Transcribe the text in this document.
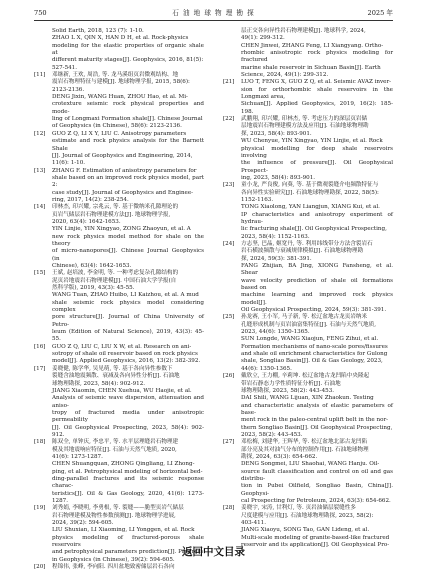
750	石 油 地 球 物 理 勘 探	2025 年

Solid Earth, 2018, 123 (7): 1-10.

ZHAO L X, QIN X, HAN D H, et al. Rock-physics

modeling for the elastic properties of organic shale at

different maturity stages[J]. Geophysics, 2016, 81(5):

527-541.

[11] 邓继新, 王欢, 周浩, 等. 龙马溪组页岩微观结构、地

震岩石物理特征与建模[J]. 地球物理学报, 2015, 58(6):

2123-2136.

DENG Jixin, WANG Huan, ZHOU Hao, et al. Mi-

crotexture seismic rock physical properties and mode-

ling of Longmaxi Formation shale[J]. Chinese Journal

of Geophysics (in Chinese), 58(6): 2123-2136.

[12] GUO Z Q, LI X Y, LIU C. Anisotropy parameters

estimate and rock physics analysis for the Barnett Shale

[J]. Journal of Geophysics and Engineering, 2014,

11(6): 1-10.

[13] ZHANG F. Estimation of anisotropy parameters for

shale based on an improved rock physics model, part 2:

case study[J]. Journal of Geophysics and Enginee-

ring, 2017, 14(2): 238-254.

[14] 印林杰, 印兴耀, 宗兆云, 等. 基于微纳米孔隙理论的

页岩气储层岩石物理建模方法[J]. 地球物理学报,

2020, 63(4): 1642-1653.

YIN Linjie, YIN Xingyao, ZONG Zhaoyun, et al. A

new rock physics model method for shale on the theory

of micro-nanopores[J]. Chinese Journal Geophysics (in

Chinese), 63(4): 1642-1653.

[15] 王斌, 赵培波, 李金明, 等. 一种考虑复杂孔隙结构的

泥页岩地震岩石物理建模[J]. 中国石油大学学报(自

然科学版), 2019, 43(3): 45-55.

WANG Tuan, ZHAO Huibo, LI Kaizhou, et al. A mud

shale seismic rock physics model considering complex

pore structure[J]. Journal of China University of Petro-

leum (Edition of Natural Science), 2019, 43(3): 45-55.

[16] GUO Z Q, LIU C, LIU X W, et al. Research on ani-

sotropy of shale oil reservoir based on rock physics

model[J]. Applied Geophysics, 2016, 13(2): 382-392.

[17] 姜晓健, 陈学华, 吴见萌, 等. 基于各向异性参数下

裂缝含油地震频散、衰减及各向异性分析[J]. 石油地

球物理勘探, 2023, 58(4): 902-912.

JIANG Xiaomin, CHEN Xuehua, WU Haojie, et al.

Analysis of seismic wave dispersion, attenuation and aniso-

tropy of fractured media under anisotropic permeability

[J]. Oil Geophysical Prospecting, 2023, 58(4): 902-912.

[18] 陈双全, 单钟庆, 李忠平, 等. 水平层理缝岩石物理建

模及其地震响应特征[J]. 石油与天然气地质, 2020,

41(6): 1273-1287.

CHEN Shuangquan, ZHONG Qingliang, LI Zhong-

ping, et al. Petrophysical modeling of horizontal bed-

ding-parallel fractures and its seismic response charac-

teristics[J]. Oil & Gas Geology, 2020, 41(6): 1273-1287.

[19] 刘秀娟, 李晓明, 李勇根, 等. 裂缝——脆型页岩气储层

岩石物理建模及物性参数预测[J]. 地球物理学进展,

2024, 39(2): 594-605.

LIU Shuxian, LI Xiaoming, LI Yonggen, et al. Rock

physics modeling of fractured-porous shale reservoirs

and petrophysical parameters prediction[J]. Progress

in Geophysics (in Chinese), 39(2): 594-605.

[20] 程锦伟, 张峰, 李向阳. 四川盆地致密储层岩石各向

层正交各向异性岩石物理建模[J]. 地球科学, 2024,

49(1): 299-312.

CHEN Jinwei, ZHANG Feng, LI Xiangyang. Ortho-

rhombic anisotropic rock physics modeling for fractured

marine shale reservoir in Sichuan Basin[J]. Earth

Science, 2024, 49(1): 299-312.

[21] LUO T, FENG X, GUO Z Q, et al. Seismic AVAZ inver-

sion for orthorhombic shale reservoirs in the Longmaxi area,

Sichuan[J]. Applied Geophysics, 2019, 16(2): 185-198.

[22] 武鹏翔, 印兴耀, 印林杰, 等. 考虑压力的深层页岩储

层地震岩石物理建模方法及应用[J]. 石油地球物理勘

探, 2023, 58(4): 893-901.

WU Chenyue, YIN Xingyao, YIN Linjie, et al. Rock

physical modelling for deep shale reservoirs involving

the influence of pressure[J]. Oil Geophysical Prospect-

ing, 2023, 58(4): 893-901.

[23] 童小龙, 严良俊, 向葵, 等. 基于微观裂缝介电频散特征与

各向异性实验研究[J]. 石油地球物理勘探, 2022, 58(5):

1152-1163.

TONG Xiaolong, YAN Liangjun, XIANG Kui, et al.

IP characteristics and anisotropy experiment of hydrau-

lic fracturing shale[J]. Oil Geophysical Prospecting,

2023, 58(4): 1152-1163.

[24] 方志坚, 巴晶, 姬宽丹, 等. 利用纬线带分方法含裂岩石

岩石横波频散与衰减规律模拟[J]. 石油地球物理勘

探, 2024, 59(3): 381-391.

FANG Zhijian, BA Jing, XIONG Fansheng, et al. Shear

wave velocity prediction of shale oil formations based on

machine learning and improved rock physics model[J].

Oil Geophysical Prospecting, 2024, 59(3): 381-391.

[25] 孙龙赛, 王小军, 马子新, 等. 松辽盆地古龙页岩纳米

孔缝形成机制与页岩油富集特征[J]. 石油与天然气地质,

2023, 44(6): 1350-1365.

SUN Longde, WANG Xiaojun, FENG Zihui, et al.

Formation mechanisms of nano-scale pores/fissures

and shale oil enrichment characteristics for Gulong

shale, Songliao Basin[J]. Oil & Gas Geology, 2023,

44(6): 1350-1365.

[26] 戴欣立, 王力棚, 辛莉坤. 松辽盆地古龙凹陷中央隆起

带岩石静态力学性质特征分析[J]. 石油地

球物理勘探, 2023, 58(2): 443-453.

DAI Shili, WANG Lijuan, XIN Zhaokun. Testing

and characteristic analysis of elastic parameters of base-

ment rock in the paleo-central uplift belt in the nor-

thern Songliao Basin[J]. Oil Geophysical Prospecting,

2023, 58(2): 443-453.

[27] 邓松梅, 刘建华, 王辉华, 等. 松辽盆地北部古龙凹陷

部分亮及其对油气分布的控制作用[J]. 石油地球物理

勘探, 2024, 63(3): 654-662.

DENG Songmei, LIU Shaohai, WANG Hanju. Oil-

source fault classification and control on oil and gas distribu-

tion in Pubei Oilfield, Songliao Basin, China[J]. Geophysi-

cal Prospecting for Petroleum, 2024, 63(3): 654-662.

[28] 姜晓宇, 宋涛, 甘利灯, 等. 页岩油储层裂缝性多

尺度建模与应用[J]. 石油地球物理勘探, 2023, 58(2):

403-411.

JIANG Xiaoyu, SONG Tao, GAN Lideng, et al.

Multi-scale modeling of granite-based-like fractured

reservoir and its application[J]. Oil Geophysical Pro-

返回中文目录
